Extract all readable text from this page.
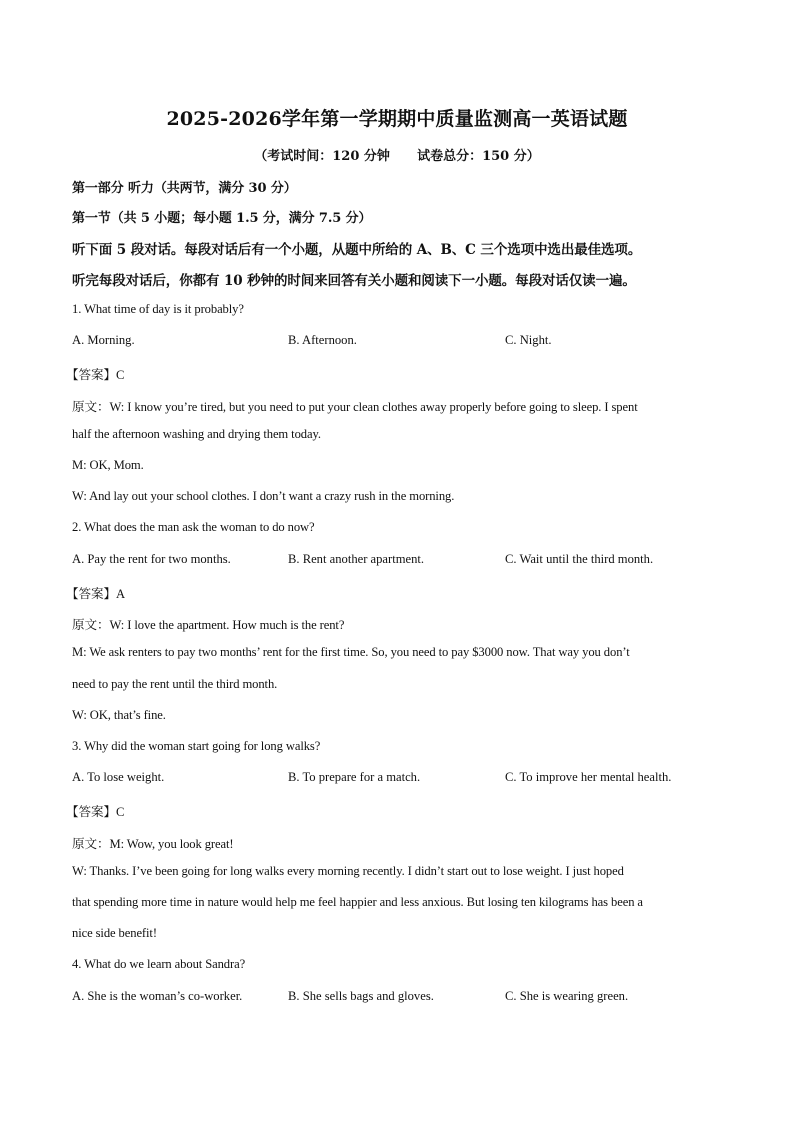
2025-2026学年第一学期期中质量监测高一英语试题
（考试时间：120 分钟      试卷总分：150 分）
第一部分 听力（共两节，满分 30 分）
第一节（共 5 小题；每小题 1.5 分，满分 7.5 分）
听下面 5 段对话。每段对话后有一个小题，从题中所给的 A、B、C 三个选项中选出最佳选项。
听完每段对话后，你都有 10 秒钟的时间来回答有关小题和阅读下一小题。每段对话仅读一遍。
1. What time of day is it probably?
A. Morning.	B. Afternoon.	C. Night.
【答案】C
原文：W: I know you’re tired, but you need to put your clean clothes away properly before going to sleep. I spent
half the afternoon washing and drying them today.
M: OK, Mom.
W: And lay out your school clothes. I don’t want a crazy rush in the morning.
2. What does the man ask the woman to do now?
A. Pay the rent for two months.	B. Rent another apartment.	C. Wait until the third month.
【答案】A
原文：W: I love the apartment. How much is the rent?
M: We ask renters to pay two months’ rent for the first time. So, you need to pay $3000 now. That way you don’t
need to pay the rent until the third month.
W: OK, that’s fine.
3. Why did the woman start going for long walks?
A. To lose weight.	B. To prepare for a match.	C. To improve her mental health.
【答案】C
原文：M: Wow, you look great!
W: Thanks. I’ve been going for long walks every morning recently. I didn’t start out to lose weight. I just hoped
that spending more time in nature would help me feel happier and less anxious. But losing ten kilograms has been a
nice side benefit!
4. What do we learn about Sandra?
A. She is the woman’s co-worker.	B. She sells bags and gloves.	C. She is wearing green.
